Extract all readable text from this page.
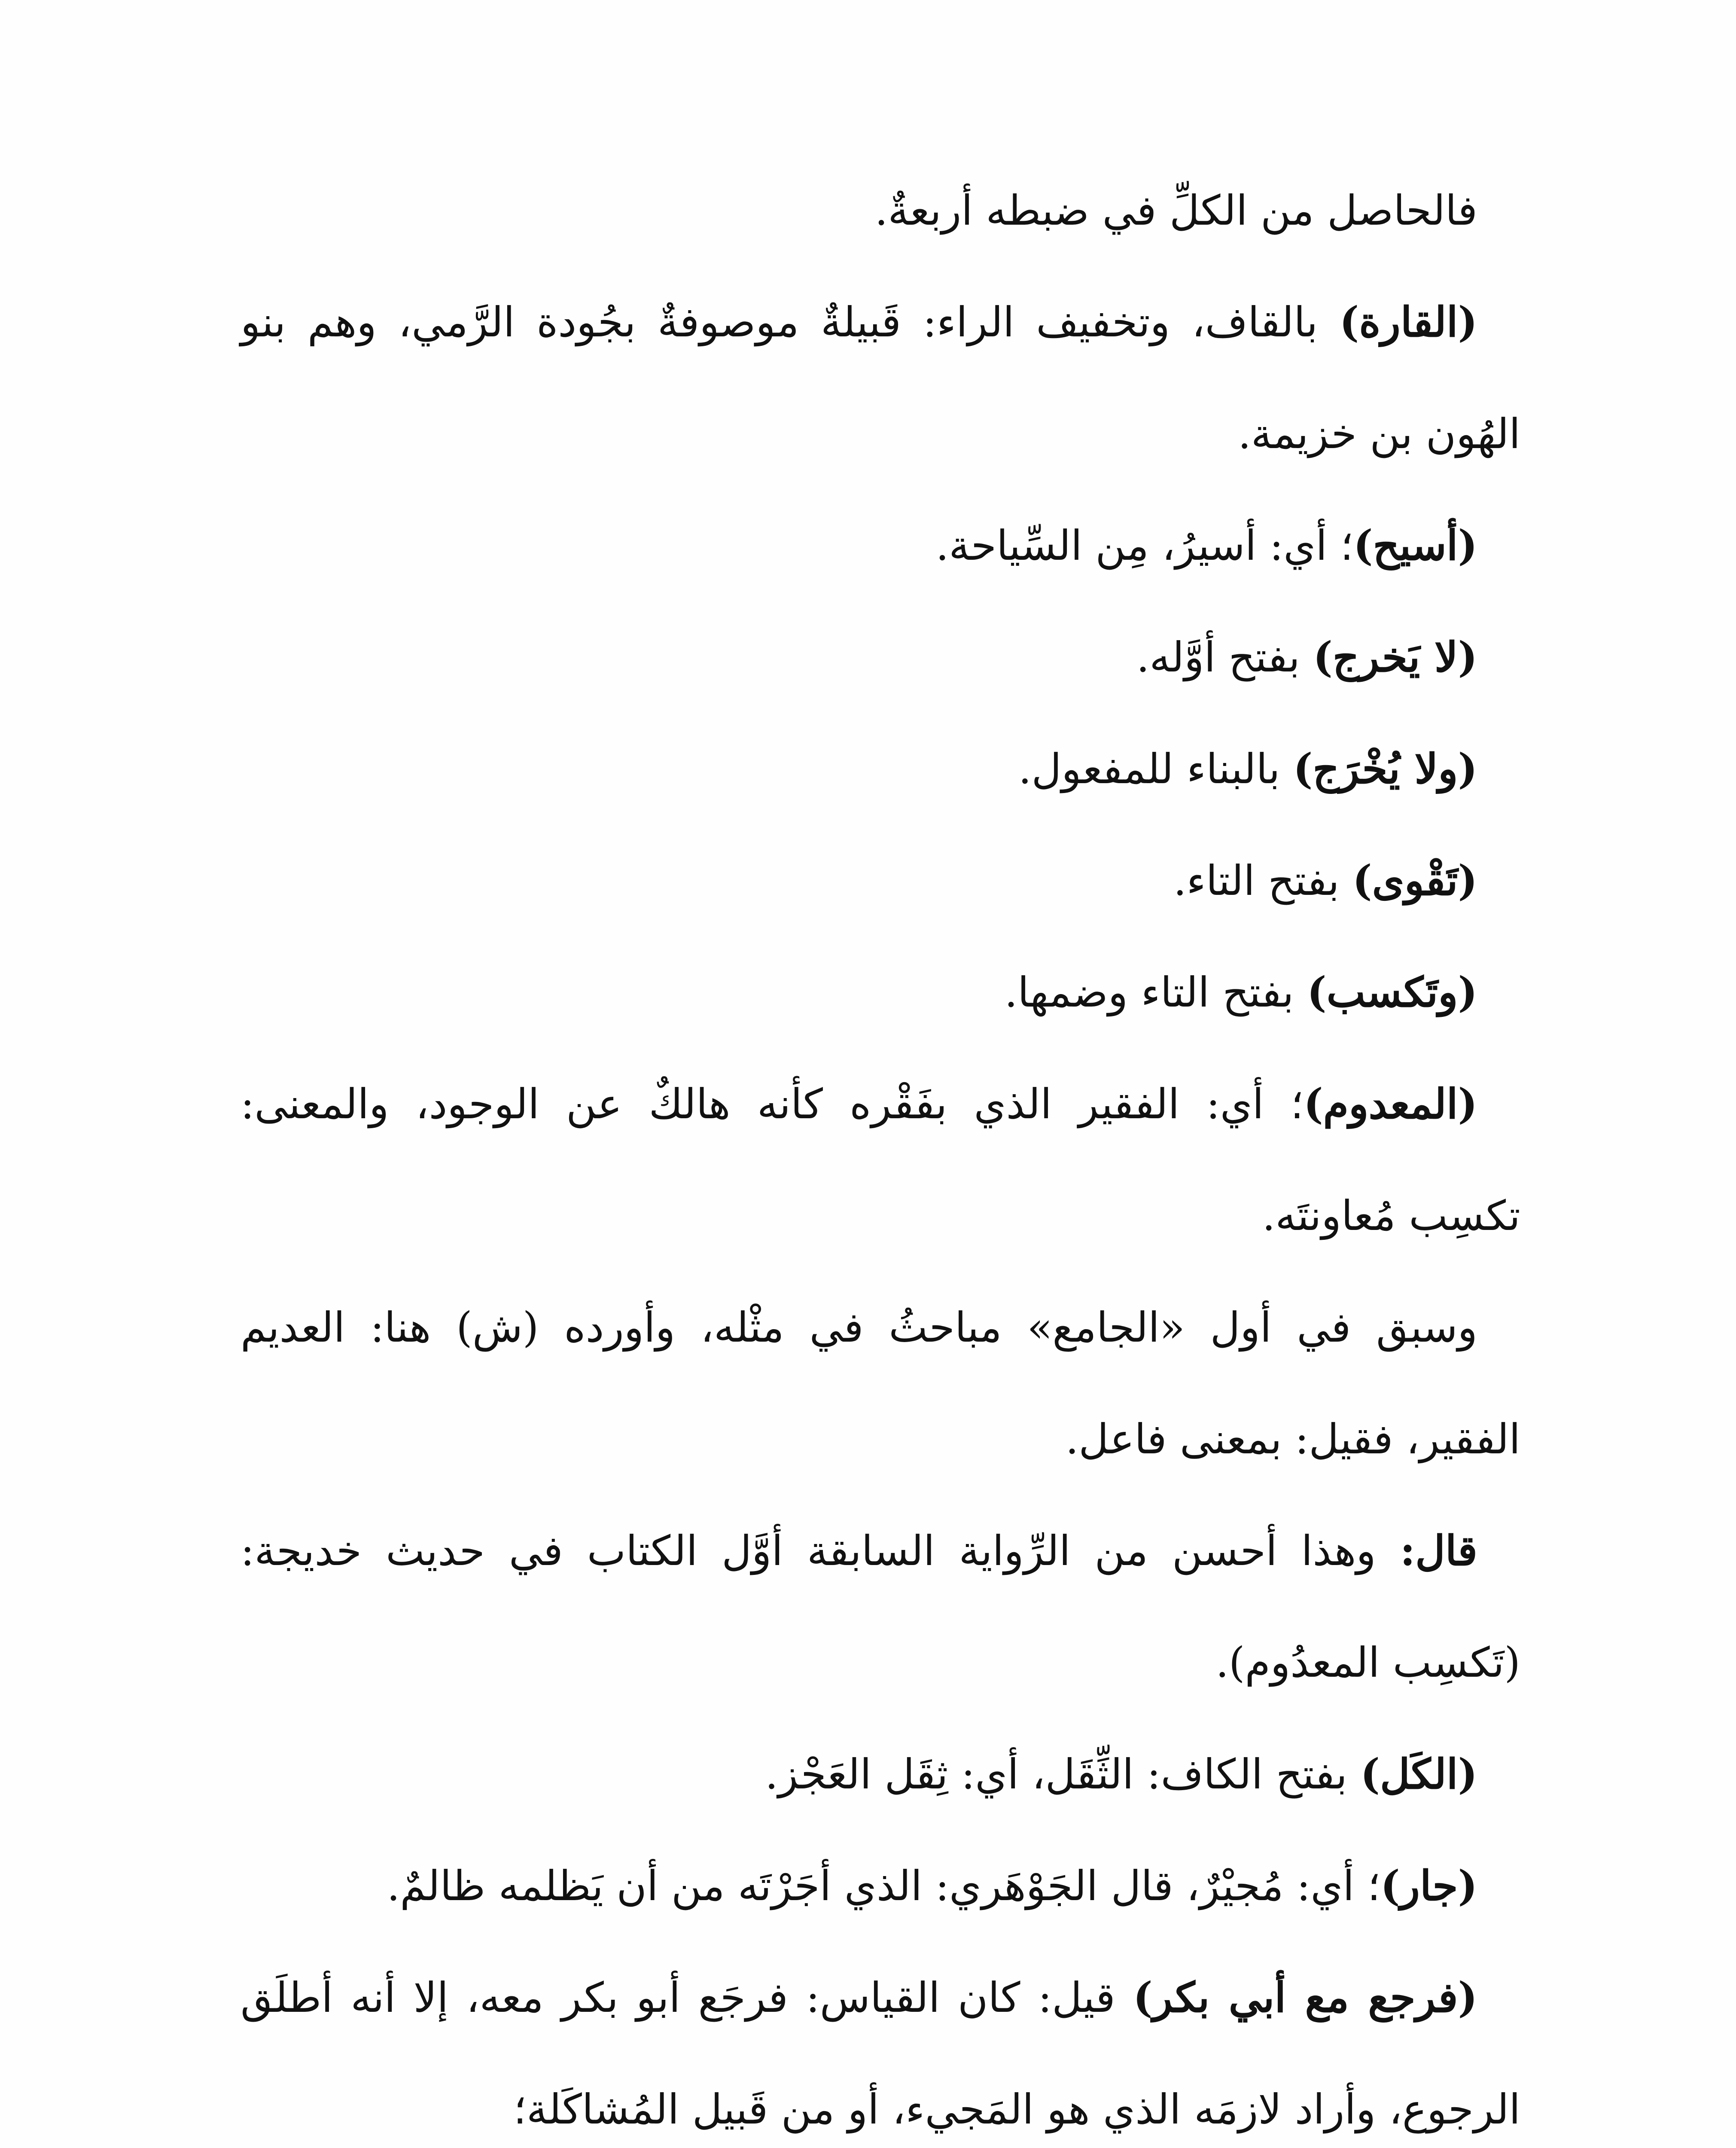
فالحاصل من الكلِّ في ضبطه أربعةٌ.

(القارة) بالقاف، وتخفيف الراء: قَبيلةٌ موصوفةٌ بجُودة الرَّمي، وهم بنو الهُون بن خزيمة.

(أسيح)؛ أي: أسيرُ، مِن السِّياحة.

(لا يَخرج) بفتح أوَّله.

(ولا يُخْرَج) بالبناء للمفعول.

(تَقْوى) بفتح التاء.

(وتَكسب) بفتح التاء وضمها.

(المعدوم)؛ أي: الفقير الذي بفَقْره كأنه هالكٌ عن الوجود، والمعنى: تكسِب مُعاونتَه.

وسبق في أول «الجامع» مباحثُ في مثْله، وأورده (ش) هنا: العديم الفقير، فقيل: بمعنى فاعل.

قال: وهذا أحسن من الرِّواية السابقة أوَّل الكتاب في حديث خديجة: (تَكسِب المعدُوم).

(الكَل) بفتح الكاف: الثِّقَل، أي: ثِقَل العَجْز.

(جار)؛ أي: مُجيْرٌ، قال الجَوْهَري: الذي أجَرْتَه من أن يَظلمه ظالمٌ.

(فرجع مع أبي بكر) قيل: كان القياس: فرجَع أبو بكر معه، إلا أنه أطلَق الرجوع، وأراد لازمَه الذي هو المَجيء، أو من قَبيل المُشاكَلة؛
